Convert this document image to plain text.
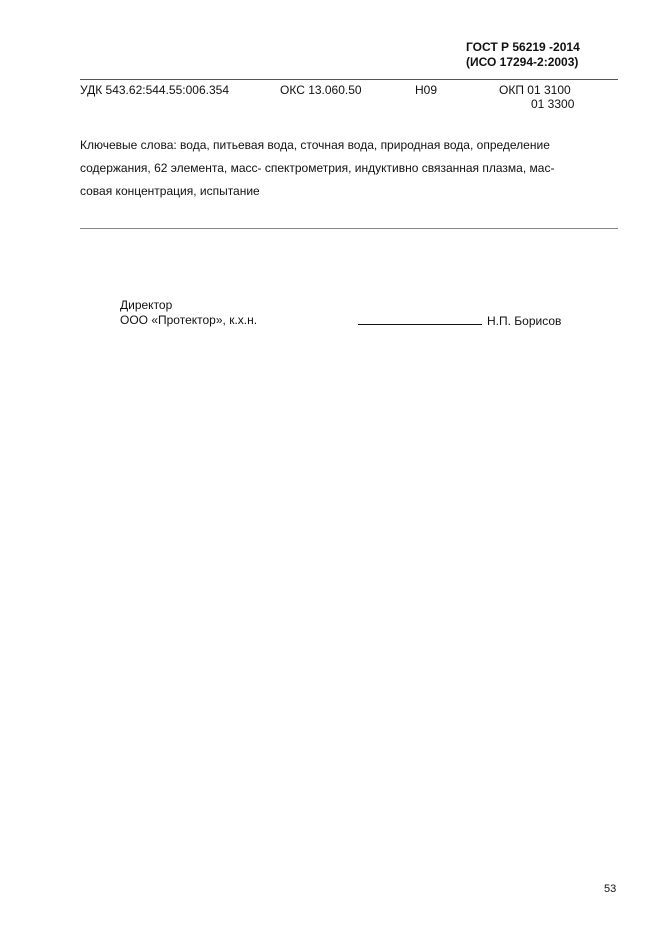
ГОСТ Р 56219 -2014
(ИСО 17294-2:2003)
УДК 543.62:544.55:006.354	ОКС 13.060.50	Н09	ОКП 01 3100
01 3300
Ключевые слова: вода, питьевая вода, сточная вода, природная вода, определение
содержания, 62 элемента, масс- спектрометрия, индуктивно связанная плазма, мас-
совая концентрация, испытание
Директор
ООО «Протектор», к.х.н.	Н.П. Борисов
53
